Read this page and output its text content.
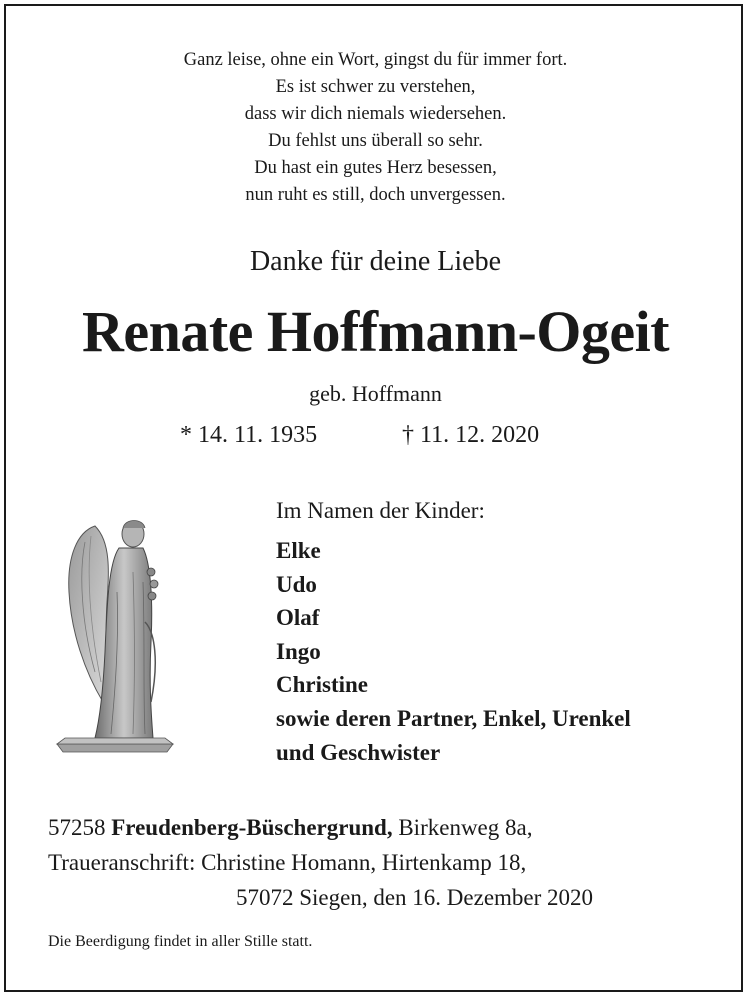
Ganz leise, ohne ein Wort, gingst du für immer fort.
Es ist schwer zu verstehen,
dass wir dich niemals wiedersehen.
Du fehlst uns überall so sehr.
Du hast ein gutes Herz besessen,
nun ruht es still, doch unvergessen.
Danke für deine Liebe
Renate Hoffmann-Ogeit
geb. Hoffmann
* 14. 11. 1935	† 11. 12. 2020
Im Namen der Kinder:
Elke
Udo
Olaf
Ingo
Christine
sowie deren Partner, Enkel, Urenkel
und Geschwister
57258 Freudenberg-Büschergrund, Birkenweg 8a,
Traueranschrift: Christine Homann, Hirtenkamp 18,
57072 Siegen, den 16. Dezember 2020
Die Beerdigung findet in aller Stille statt.
